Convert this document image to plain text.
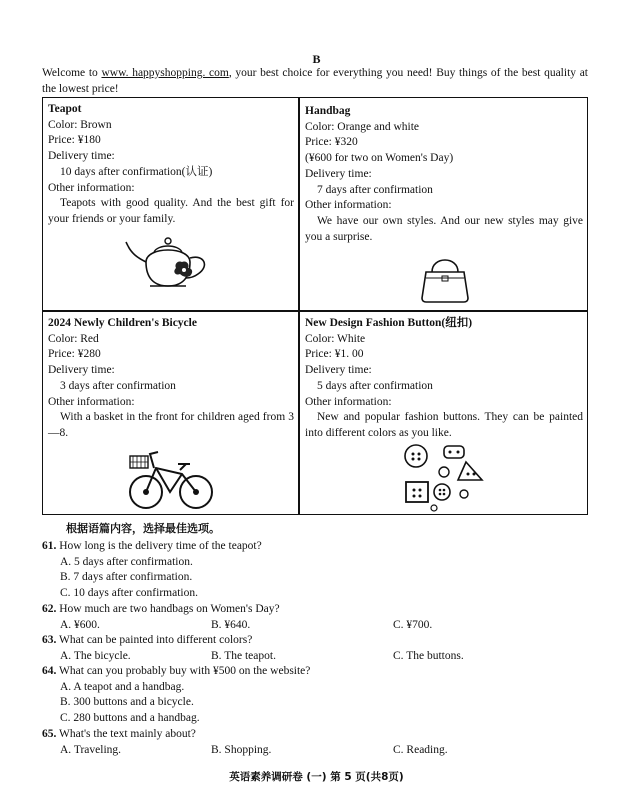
B
Welcome to www. happyshopping. com, your best choice for everything you need! Buy things of the best quality at the lowest price!
Teapot
Color: Brown
Price: ¥180
Delivery time:
10 days after confirmation(认证)
Other information:
Teapots with good quality. And the best gift for your friends or your family.
Handbag
Color: Orange and white
Price: ¥320
(¥600 for two on Women's Day)
Delivery time:
7 days after confirmation
Other information:
We have our own styles. And our new styles may give you a surprise.
2024 Newly Children's Bicycle
Color: Red
Price: ¥280
Delivery time:
3 days after confirmation
Other information:
With a basket in the front for children aged from 3—8.
New Design Fashion Button(纽扣)
Color: White
Price: ¥1. 00
Delivery time:
5 days after confirmation
Other information:
New and popular fashion buttons. They can be painted into different colors as you like.
根据语篇内容，选择最佳选项。
61. How long is the delivery time of the teapot?
A. 5 days after confirmation.
B. 7 days after confirmation.
C. 10 days after confirmation.
62. How much are two handbags on Women's Day?
A. ¥600.	B. ¥640.	C. ¥700.
63. What can be painted into different colors?
A. The bicycle.	B. The teapot.	C. The buttons.
64. What can you probably buy with ¥500 on the website?
A. A teapot and a handbag.
B. 300 buttons and a bicycle.
C. 280 buttons and a handbag.
65. What's the text mainly about?
A. Traveling.	B. Shopping.	C. Reading.
英语素养调研卷 (一) 第 5 页(共8页)
